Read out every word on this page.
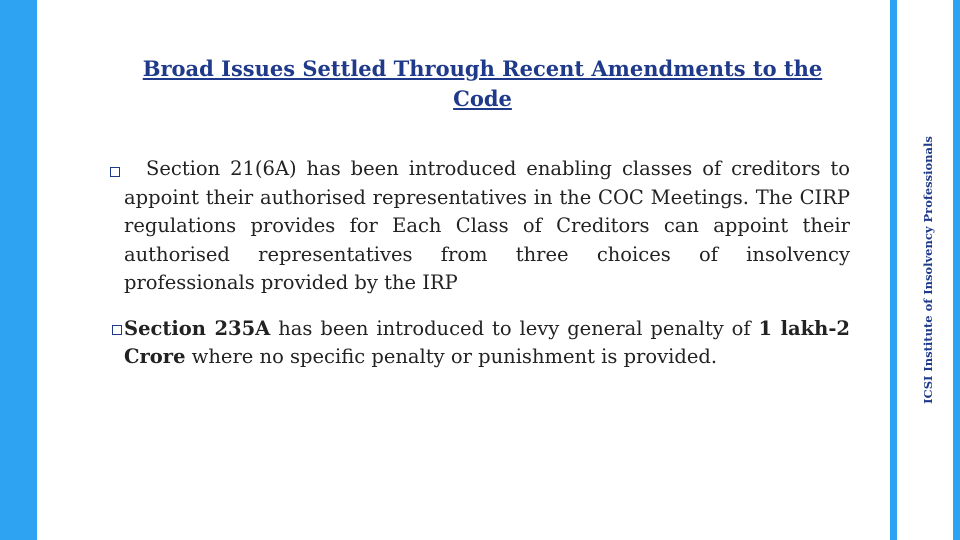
ICSI Institute of Insolvency Professionals
Broad Issues Settled Through Recent Amendments to the Code
Section 21(6A) has been introduced enabling classes of creditors to appoint their authorised representatives in the COC Meetings. The CIRP regulations provides for Each Class of Creditors can appoint their authorised representatives from three choices of insolvency professionals provided by the IRP
Section 235A has been introduced to levy general penalty of 1 lakh-2 Crore where no specific penalty or punishment is provided.
